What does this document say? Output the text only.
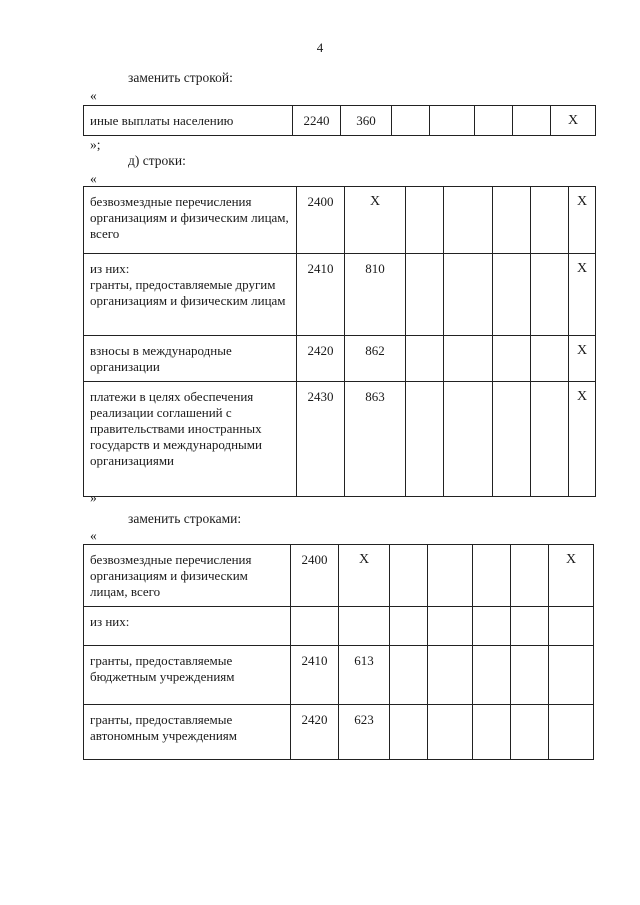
4
заменить строкой:
«
иные выплаты населению	2240	360					X
»;
д) строки:
«
безвозмездные перечисления организациям и физическим лицам, всего	2400	X					X

из них:
гранты, предоставляемые другим организациям и физическим лицам	2410	810					X

взносы в международные организации	2420	862					X

платежи в целях обеспечения реализации соглашений с правительствами иностранных государств и международными организациями	2430	863					X
»
заменить строками:
«
безвозмездные перечисления организациям и физическим лицам, всего	2400	X					X

из них:							

гранты, предоставляемые бюджетным учреждениям	2410	613					

гранты, предоставляемые автономным учреждениям	2420	623					
